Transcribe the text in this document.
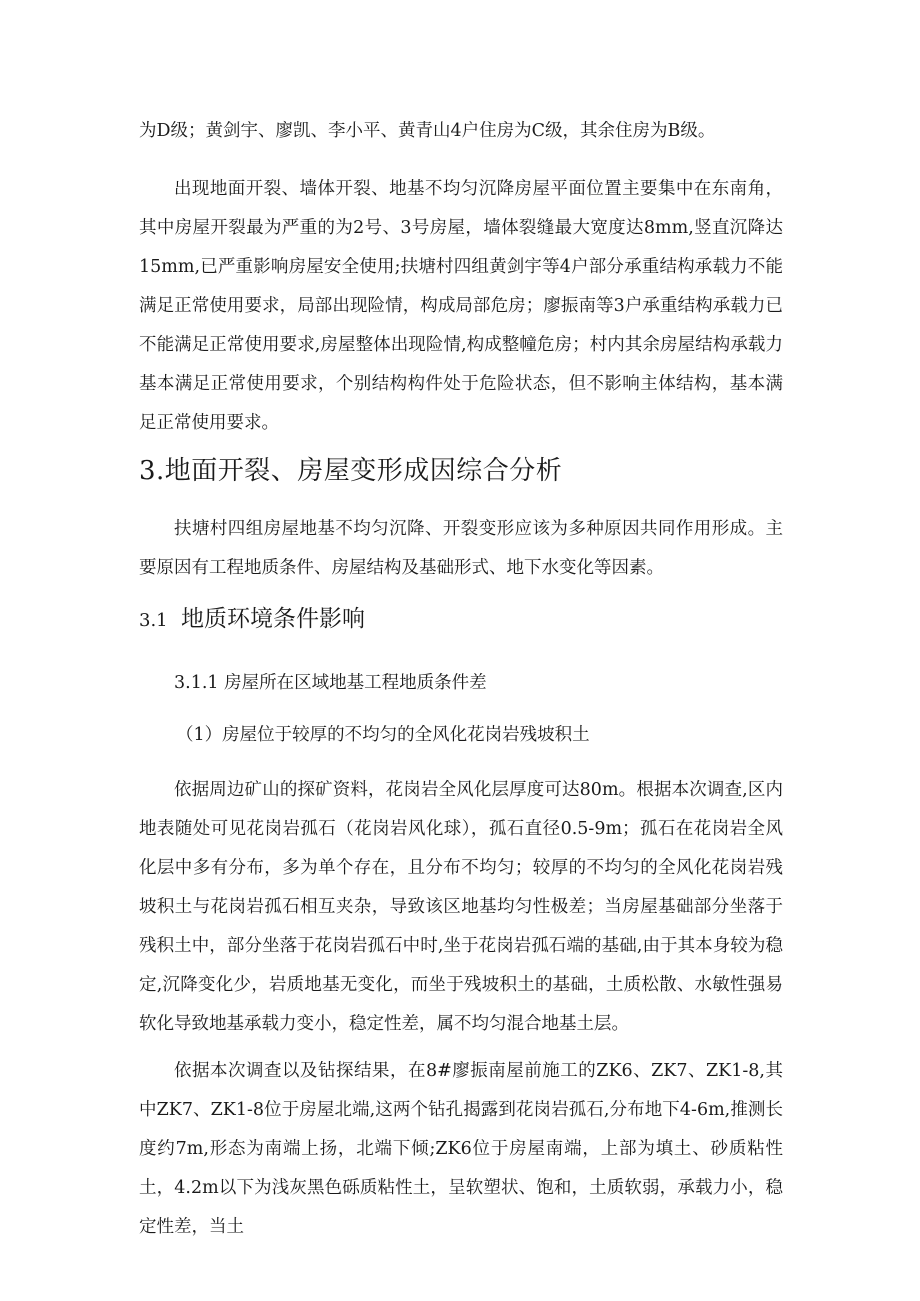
为D级；黄剑宇、廖凯、李小平、黄青山4户住房为C级，其余住房为B级。

出现地面开裂、墙体开裂、地基不均匀沉降房屋平面位置主要集中在东南角，其中房屋开裂最为严重的为2号、3号房屋，墙体裂缝最大宽度达8mm,竖直沉降达15mm,已严重影响房屋安全使用;扶塘村四组黄剑宇等4户部分承重结构承载力不能满足正常使用要求，局部出现险情，构成局部危房；廖振南等3户承重结构承载力已不能满足正常使用要求,房屋整体出现险情,构成整幢危房；村内其余房屋结构承载力基本满足正常使用要求，个别结构构件处于危险状态，但不影响主体结构，基本满足正常使用要求。

3.地面开裂、房屋变形成因综合分析

扶塘村四组房屋地基不均匀沉降、开裂变形应该为多种原因共同作用形成。主要原因有工程地质条件、房屋结构及基础形式、地下水变化等因素。

3.1 地质环境条件影响
3.1.1 房屋所在区域地基工程地质条件差
（1）房屋位于较厚的不均匀的全风化花岗岩残坡积土

依据周边矿山的探矿资料，花岗岩全风化层厚度可达80m。根据本次调查,区内地表随处可见花岗岩孤石（花岗岩风化球），孤石直径0.5-9m；孤石在花岗岩全风化层中多有分布，多为单个存在，且分布不均匀；较厚的不均匀的全风化花岗岩残坡积土与花岗岩孤石相互夹杂，导致该区地基均匀性极差；当房屋基础部分坐落于残积土中，部分坐落于花岗岩孤石中时,坐于花岗岩孤石端的基础,由于其本身较为稳定,沉降变化少，岩质地基无变化，而坐于残坡积土的基础，土质松散、水敏性强易软化导致地基承载力变小，稳定性差，属不均匀混合地基土层。

依据本次调查以及钻探结果，在8#廖振南屋前施工的ZK6、ZK7、ZK1-8,其中ZK7、ZK1-8位于房屋北端,这两个钻孔揭露到花岗岩孤石,分布地下4-6m,推测长度约7m,形态为南端上扬，北端下倾;ZK6位于房屋南端，上部为填土、砂质粘性土，4.2m以下为浅灰黑色砾质粘性土，呈软塑状、饱和，土质软弱，承载力小，稳定性差，当土
